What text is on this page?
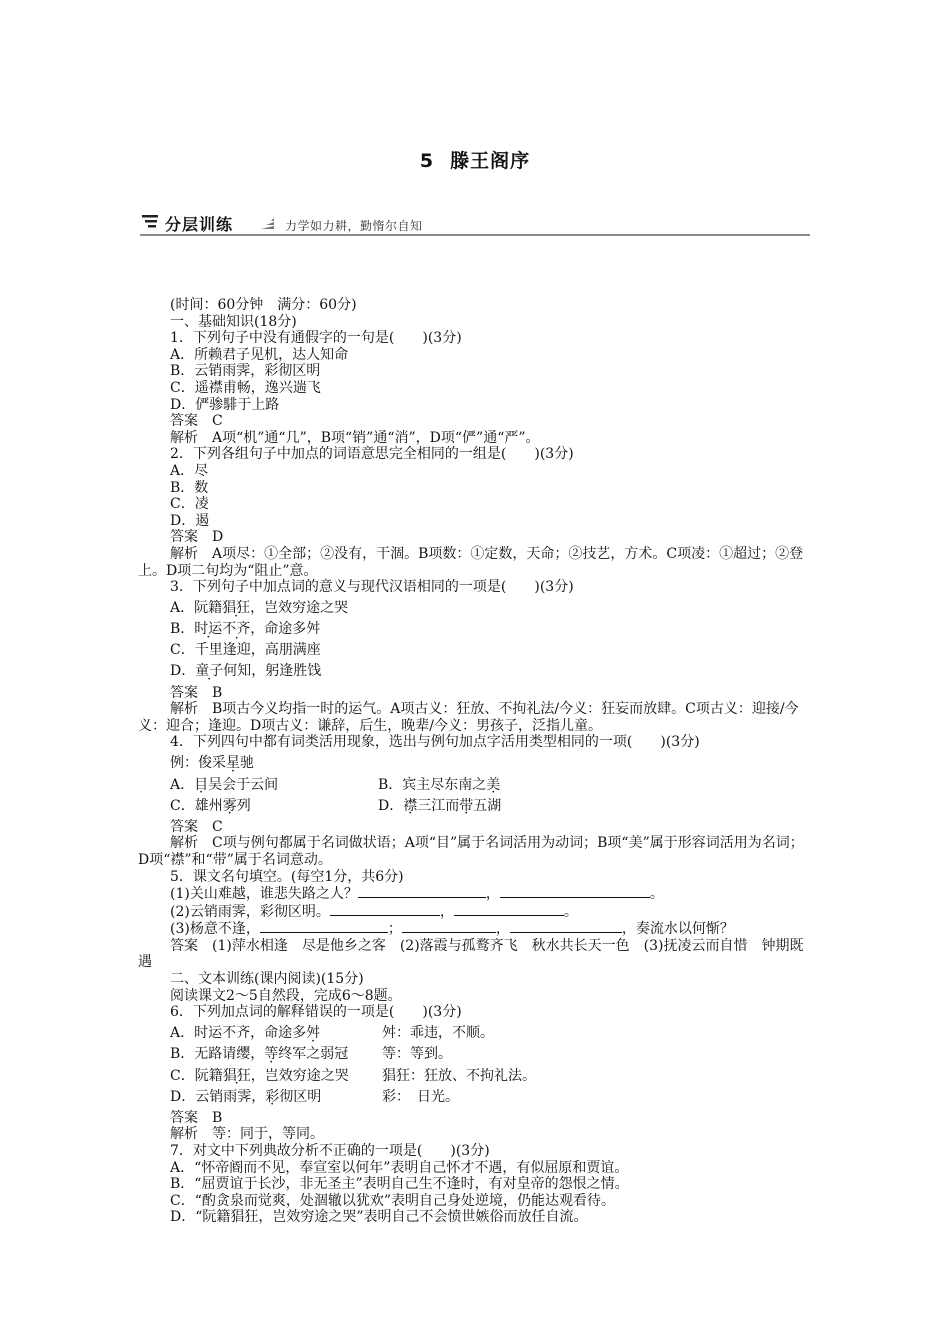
5 滕王阁序
分层训练	力学如力耕，勤惰尔自知
(时间：60分钟　满分：60分)
一、基础知识(18分)
1．下列句子中没有通假字的一句是(　　)(3分)
A．所赖君子见机，达人知命
B．云销雨霁，彩彻区明
C．遥襟甫畅，逸兴遄飞
D．俨骖騑于上路
答案　C
解析　A项“机”通“几”，B项“销”通“消”，D项“俨”通“严”。
2．下列各组句子中加点的词语意思完全相同的一组是(　　)(3分)
A．尽
B．数
C．凌
D．遏
答案　D
解析　A项尽：①全部；②没有，干涸。B项数：①定数，天命；②技艺，方术。C项凌：①超过；②登上。D项二句均为“阻止”意。
3．下列句子中加点词的意义与现代汉语相同的一项是(　　)(3分)
A．阮籍猖狂，岂效穷途之哭
B．时运不齐，命途多舛
C．千里逢迎，高朋满座
D．童子何知，躬逢胜饯
答案　B
解析　B项古今义均指一时的运气。A项古义：狂放、不拘礼法/今义：狂妄而放肆。C项古义：迎接/今义：迎合；逢迎。D项古义：谦辞，后生，晚辈/今义：男孩子，泛指儿童。
4．下列四句中都有词类活用现象，选出与例句加点字活用类型相同的一项(　　)(3分)
例：俊采星驰
A．目吴会于云间	B．宾主尽东南之美
C．雄州雾列	D．襟三江而带五湖
答案　C
解析　C项与例句都属于名词做状语；A项“目”属于名词活用为动词；B项“美”属于形容词活用为名词；D项“襟”和“带”属于名词意动。
5．课文名句填空。(每空1分，共6分)
(1)关山难越，谁悲失路之人？	，	。
(2)云销雨霁，彩彻区明。	，	。
(3)杨意不逢，	；	，	，奏流水以何惭？
答案　(1)萍水相逢　尽是他乡之客　(2)落霞与孤鹜齐飞　秋水共长天一色　(3)抚凌云而自惜　钟期既遇
二、文本训练(课内阅读)(15分)
阅读课文2～5自然段，完成6～8题。
6．下列加点词的解释错误的一项是(　　)(3分)
A．时运不齐，命途多舛	舛：乖违，不顺。
B．无路请缨，等终军之弱冠 等：等到。
C．阮籍猖狂，岂效穷途之哭 猖狂：狂放、不拘礼法。
D．云销雨霁，彩彻区明	彩：　日光。
答案　B
解析　等：同于，等同。
7．对文中下列典故分析不正确的一项是(　　)(3分)
A．“怀帝阍而不见，奉宣室以何年”表明自己怀才不遇，有似屈原和贾谊。
B．“屈贾谊于长沙，非无圣主”表明自己生不逢时，有对皇帝的怨恨之情。
C．“酌贪泉而觉爽，处涸辙以犹欢”表明自己身处逆境，仍能达观看待。
D．“阮籍猖狂，岂效穷途之哭”表明自己不会愤世嫉俗而放任自流。
